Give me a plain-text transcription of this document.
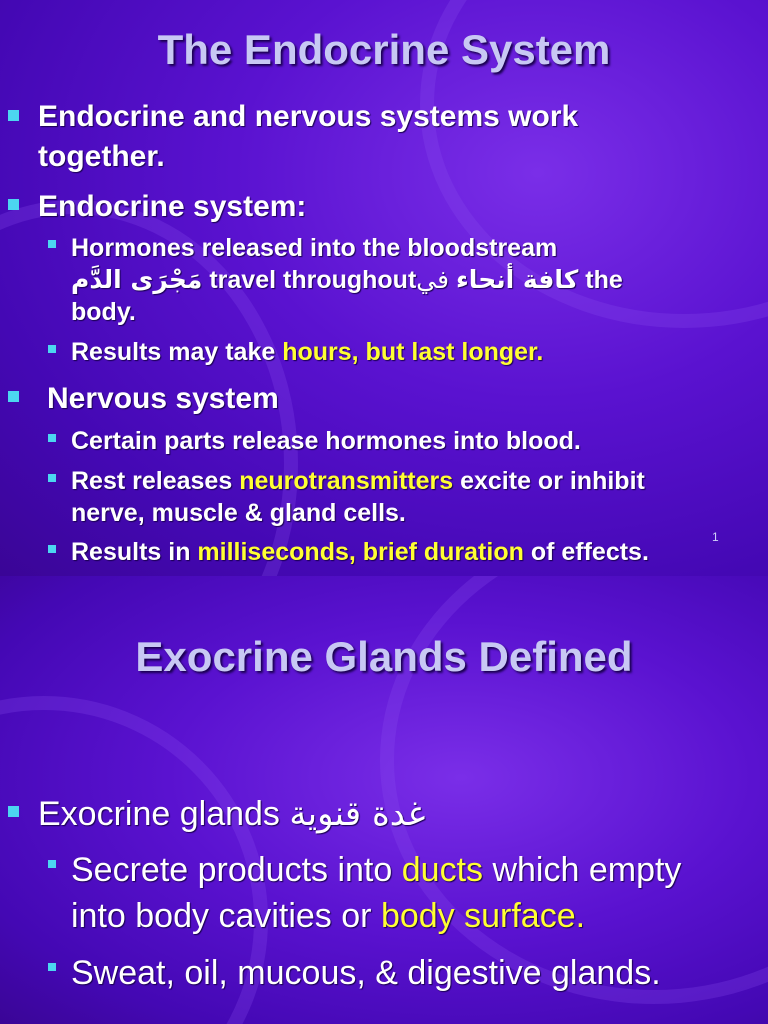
The Endocrine System
Endocrine and nervous systems work
together.
Endocrine system:
Hormones released into the bloodstream
مَجْرَى الدَّم travel throughout كافة أنحاء في	the
body.
Results may take hours, but last longer.
Nervous system
Certain parts release hormones into blood.
Rest releases neurotransmitters excite or inhibit
nerve, muscle & gland cells.
Results in milliseconds, brief duration of effects.
1
Exocrine Glands Defined
Exocrine glands غدة قنوية
Secrete products into ducts which empty
into body cavities or body surface.
Sweat, oil, mucous, & digestive glands.
